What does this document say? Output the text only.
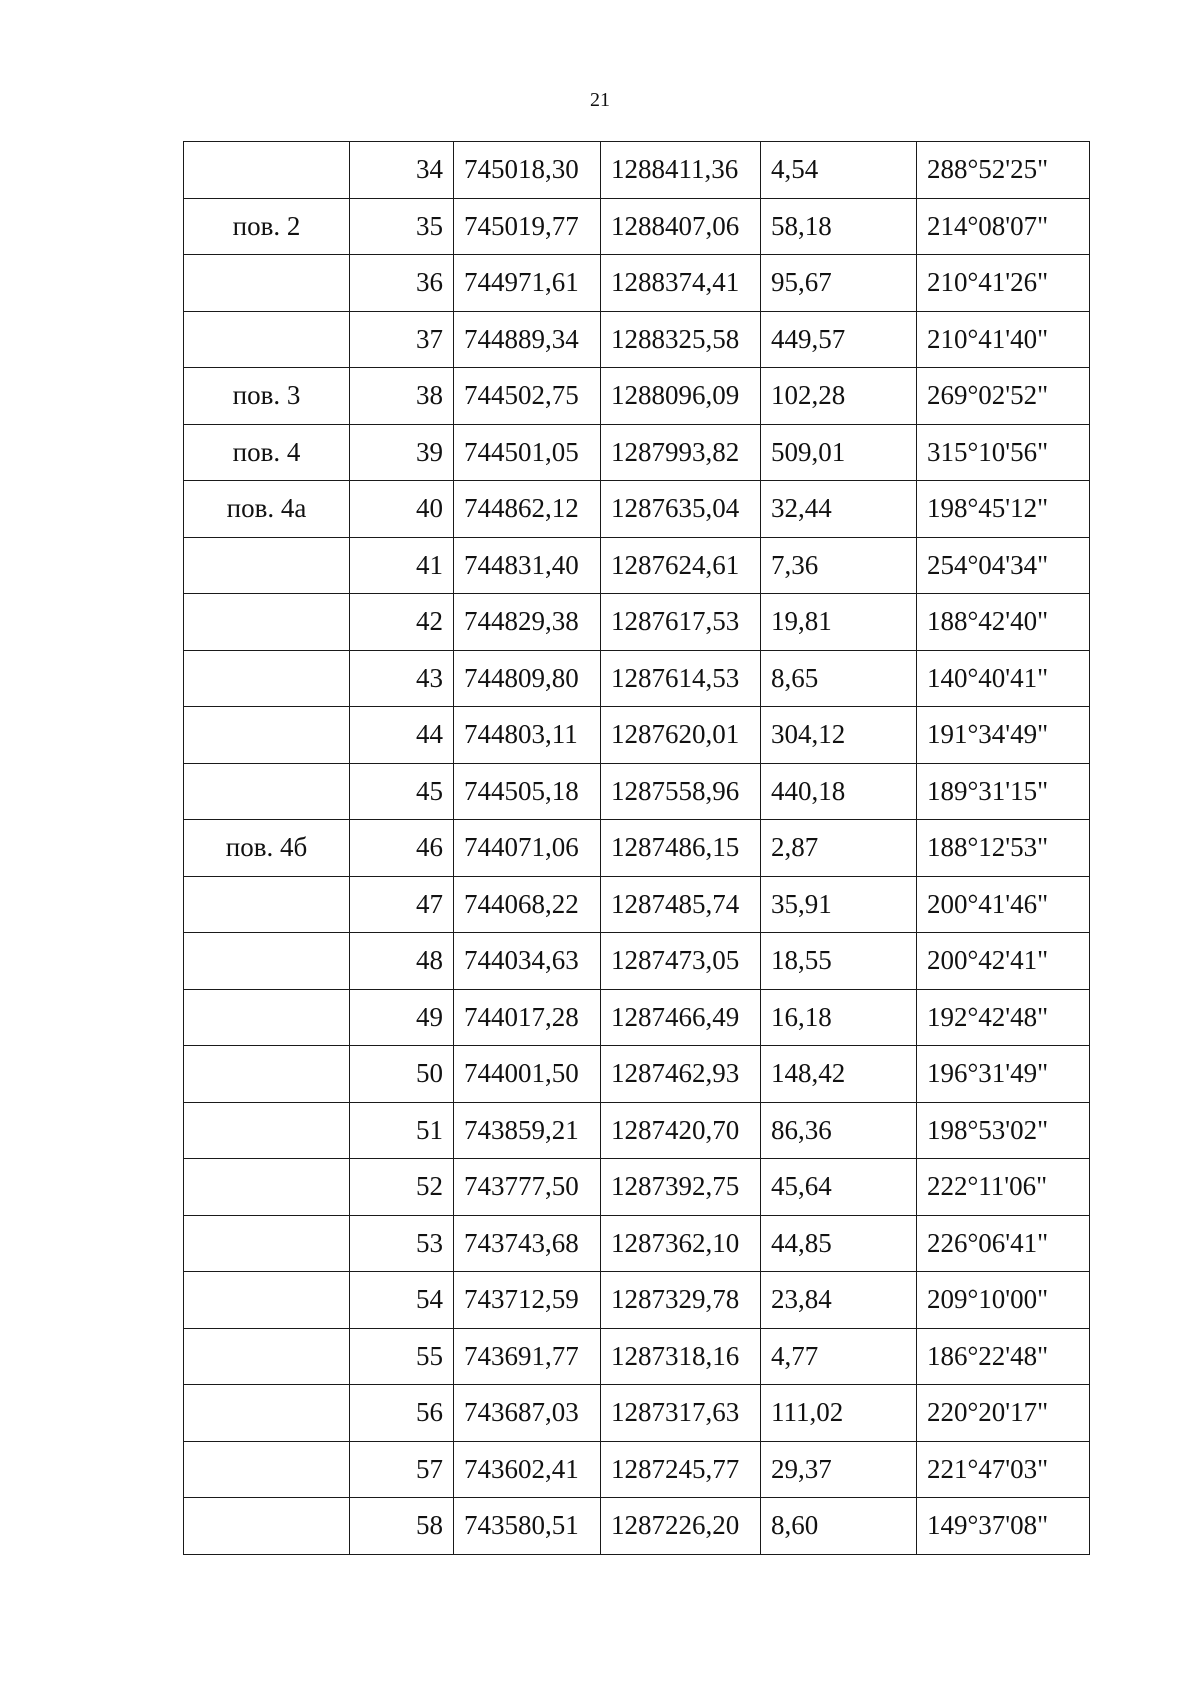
21
	34	745018,30	1288411,36	4,54	288°52'25"
пов. 2	35	745019,77	1288407,06	58,18	214°08'07"
	36	744971,61	1288374,41	95,67	210°41'26"
	37	744889,34	1288325,58	449,57	210°41'40"
пов. 3	38	744502,75	1288096,09	102,28	269°02'52"
пов. 4	39	744501,05	1287993,82	509,01	315°10'56"
пов. 4а	40	744862,12	1287635,04	32,44	198°45'12"
	41	744831,40	1287624,61	7,36	254°04'34"
	42	744829,38	1287617,53	19,81	188°42'40"
	43	744809,80	1287614,53	8,65	140°40'41"
	44	744803,11	1287620,01	304,12	191°34'49"
	45	744505,18	1287558,96	440,18	189°31'15"
пов. 4б	46	744071,06	1287486,15	2,87	188°12'53"
	47	744068,22	1287485,74	35,91	200°41'46"
	48	744034,63	1287473,05	18,55	200°42'41"
	49	744017,28	1287466,49	16,18	192°42'48"
	50	744001,50	1287462,93	148,42	196°31'49"
	51	743859,21	1287420,70	86,36	198°53'02"
	52	743777,50	1287392,75	45,64	222°11'06"
	53	743743,68	1287362,10	44,85	226°06'41"
	54	743712,59	1287329,78	23,84	209°10'00"
	55	743691,77	1287318,16	4,77	186°22'48"
	56	743687,03	1287317,63	111,02	220°20'17"
	57	743602,41	1287245,77	29,37	221°47'03"
	58	743580,51	1287226,20	8,60	149°37'08"
